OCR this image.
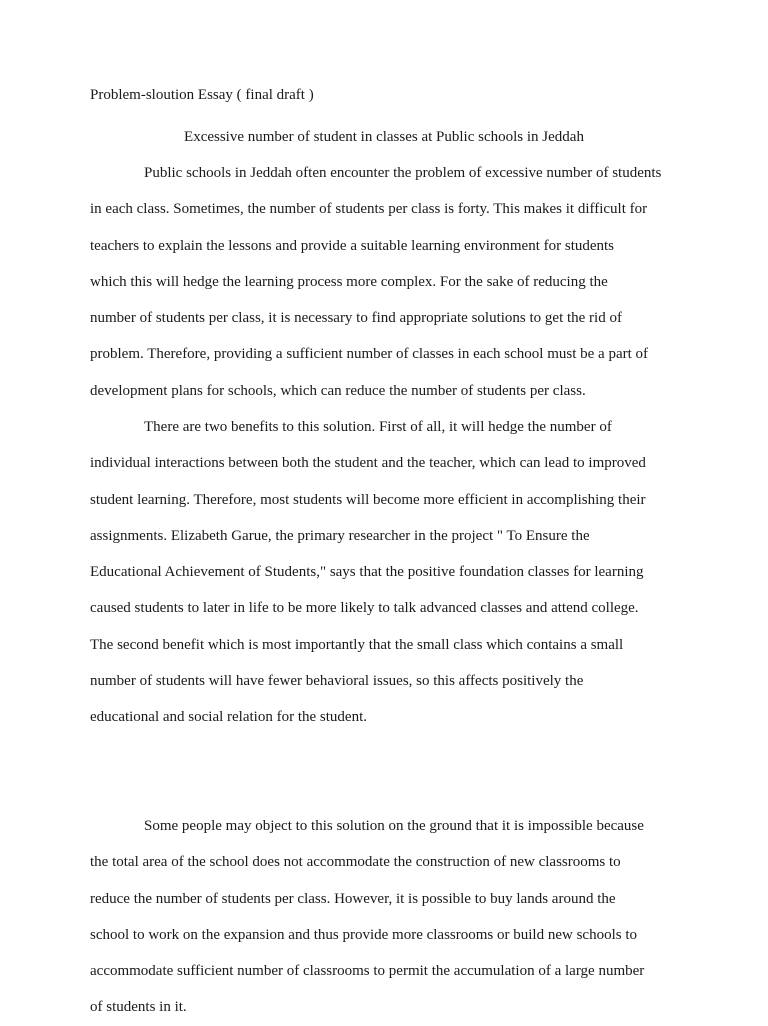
Problem-sloution Essay ( final draft )
Excessive number of student in classes at Public schools in Jeddah

Public schools in Jeddah often encounter the problem of excessive number of students
in each class. Sometimes, the number of students per class is forty. This makes it difficult for
teachers to explain the lessons and provide a suitable learning environment for students
which this will hedge the learning process more complex. For the sake of reducing the
number of students per class, it is necessary to find appropriate solutions to get the rid of
problem. Therefore, providing a sufficient number of classes in each school must be a part of
development plans for schools, which can reduce the number of students per class.

There are two benefits to this solution. First of all, it will hedge the number of
individual interactions between both the student and the teacher, which can lead to improved
student learning. Therefore, most students will become more efficient in accomplishing their
assignments. Elizabeth Garue, the primary researcher in the project " To Ensure the
Educational Achievement of Students," says that the positive foundation classes for learning
caused students to later in life to be more likely to talk advanced classes and attend college.
The second benefit which is most importantly that the small class which contains a small
number of students will have fewer behavioral issues, so this affects positively the
educational and social relation for the student.

Some people may object to this solution on the ground that it is impossible because
the total area of the school does not accommodate the construction of new classrooms to
reduce the number of students per class. However, it is possible to buy lands around the
school to work on the expansion and thus provide more classrooms or build new schools to
accommodate sufficient number of classrooms to permit the accumulation of a large number
of students in it.
